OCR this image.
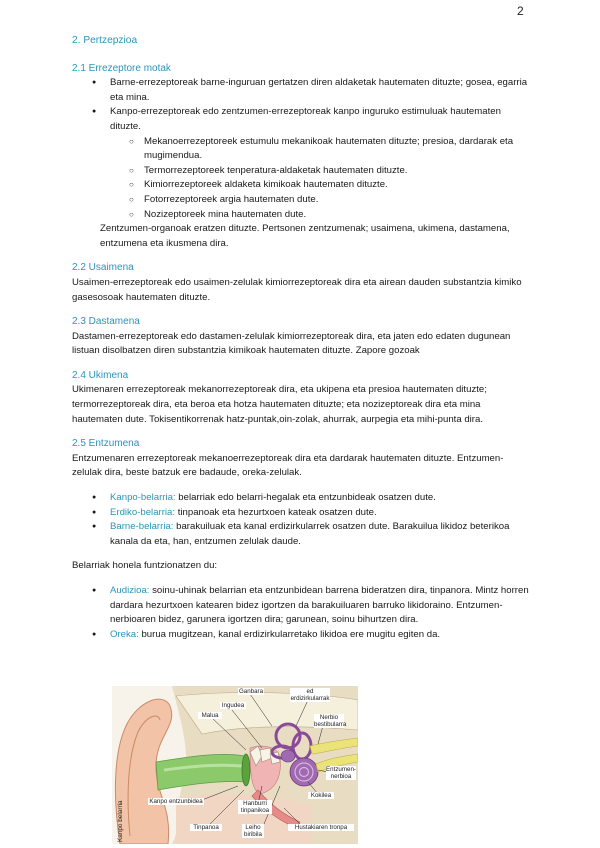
2

2. Pertzepzioa

2.1 Errezeptore motak

● Barne-errezeptoreak barne-inguruan gertatzen diren aldaketak hautematen dituzte; gosea, egarria eta mina.
● Kanpo-errezeptoreak edo zentzumen-errezeptoreak kanpo inguruko estimuluak hautematen dituzte.
○ Mekanoerrezeptoreek estumulu mekanikoak hautematen dituzte; presioa, dardarak eta mugimendua.
○ Termorrezeptoreek tenperatura-aldaketak hautematen dituzte.
○ Kimiorrezeptoreek aldaketa kimikoak hautematen dituzte.
○ Fotorrezeptoreek argia hautematen dute.
○ Nozizeptoreek mina hautematen dute.

Zentzumen-organoak eratzen dituzte. Pertsonen zentzumenak; usaimena, ukimena, dastamena, entzumena eta ikusmena dira.

2.2 Usaimena

Usaimen-errezeptoreak edo usaimen-zelulak kimiorrezeptoreak dira eta airean dauden substantzia kimiko gasesosoak hautematen dituzte.

2.3 Dastamena

Dastamen-errezeptoreak edo dastamen-zelulak kimiorrezeptoreak dira, eta jaten edo edaten dugunean listuan disolbatzen diren substantzia kimikoak hautematen dituzte. Zapore gozoak

2.4 Ukimena

Ukimenaren errezeptoreak mekanorrezeptoreak dira, eta ukipena eta presioa hautematen dituzte; termorrezeptoreak dira, eta beroa eta hotza hautematen dituzte; eta nozizeptoreak dira eta mina hautematen dute. Tokisentikorrenak hatz-puntak,oin-zolak, ahurrak, aurpegia eta mihi-punta dira.

2.5 Entzumena

Entzumenaren errezeptoreak mekanoerrezeptoreak dira eta dardarak hautematen dituzte. Entzumen-zelulak dira, beste batzuk ere badaude, oreka-zelulak.

● Kanpo-belarria: belarriak edo belarri-hegalak eta entzunbideak osatzen dute.
● Erdiko-belarria: tinpanoak eta hezurtxoen kateak osatzen dute.
● Barne-belarria: barakuiluak eta kanal erdizirkularrek osatzen dute. Barakuilua likidoz beterikoa kanala da eta, han, entzumen zelulak daude.

Belarriak honela funtzionatzen du:

● Audizioa: soinu-uhinak belarrian eta entzunbidean barrena bideratzen dira, tinpanora. Mintz horren dardara hezurtxoen katearen bidez igortzen da barakuiluaren barruko likidoraino. Entzumen-nerbioaren bidez, garunera igortzen dira; garunean, soinu bihurtzen dira.
● Oreka: burua mugitzean, kanal erdizirkularretako likidoa ere mugitu egiten da.
Ganbara	ed erdizirkularrak
Malua
Ingudea
Nerbio bestibularra
Entzumen-nerbioa
Kokilea
Kanpo entzunbidea	Hanburri tinpanikoa
Tinpanoa	Leiho biribila
Hustakiaren tronpa
Kanpo belarria
